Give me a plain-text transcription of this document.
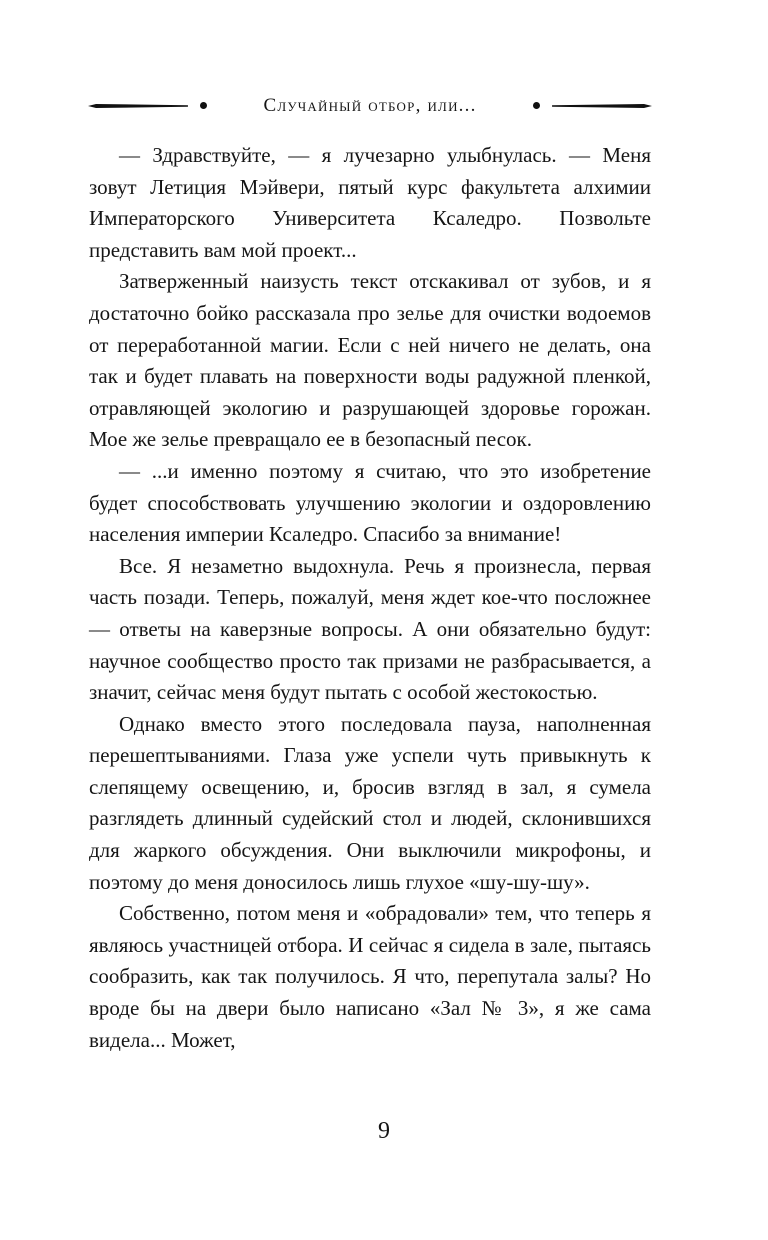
Случайный отбор, или...

— Здравствуйте, — я лучезарно улыбнулась. — Меня зовут Летиция Мэйвери, пятый курс факультета алхимии Императорского Университета Ксаледро. Позвольте представить вам мой проект...

Затверженный наизусть текст отскакивал от зубов, и я достаточно бойко рассказала про зелье для очистки водоемов от переработанной магии. Если с ней ничего не делать, она так и будет плавать на поверхности воды радужной пленкой, отравляющей экологию и разрушающей здоровье горожан. Мое же зелье превращало ее в безопасный песок.

— ...и именно поэтому я считаю, что это изобретение будет способствовать улучшению экологии и оздоровлению населения империи Ксаледро. Спасибо за внимание!

Все. Я незаметно выдохнула. Речь я произнесла, первая часть позади. Теперь, пожалуй, меня ждет кое-что посложнее — ответы на каверзные вопросы. А они обязательно будут: научное сообщество просто так призами не разбрасывается, а значит, сейчас меня будут пытать с особой жестокостью.

Однако вместо этого последовала пауза, наполненная перешептываниями. Глаза уже успели чуть привыкнуть к слепящему освещению, и, бросив взгляд в зал, я сумела разглядеть длинный судейский стол и людей, склонившихся для жаркого обсуждения. Они выключили микрофоны, и поэтому до меня доносилось лишь глухое «шу-шу-шу».

Собственно, потом меня и «обрадовали» тем, что теперь я являюсь участницей отбора. И сейчас я сидела в зале, пытаясь сообразить, как так получилось. Я что, перепутала залы? Но вроде бы на двери было написано «Зал № 3», я же сама видела... Может,

9
